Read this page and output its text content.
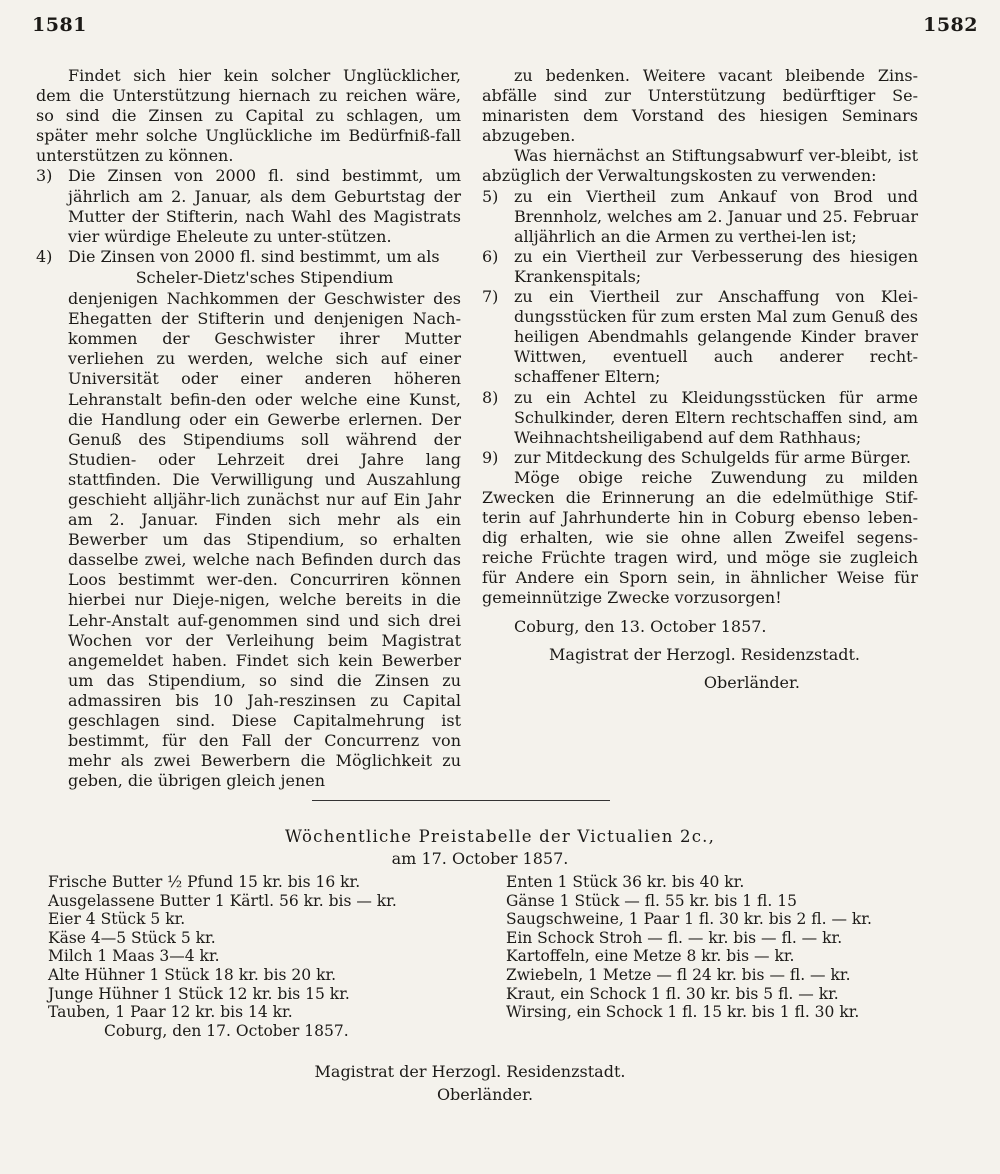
1581	1582

Findet sich hier kein solcher Unglücklicher, dem die Unterstützung hiernach zu reichen wäre, so sind die Zinsen zu Capital zu schlagen, um später mehr solche Unglückliche im Bedürfniß-fall unterstützen zu können.

3) Die Zinsen von 2000 fl. sind bestimmt, um jährlich am 2. Januar, als dem Geburtstag der Mutter der Stifterin, nach Wahl des Magistrats vier würdige Eheleute zu unter-stützen.
4) Die Zinsen von 2000 fl. sind bestimmt, um als
Scheler-Dietz'sches Stipendium
denjenigen Nachkommen der Geschwister des Ehegatten der Stifterin und denjenigen Nach-kommen der Geschwister ihrer Mutter verliehen zu werden, welche sich auf einer Universität oder einer anderen höheren Lehranstalt befin-den oder welche eine Kunst, die Handlung oder ein Gewerbe erlernen. Der Genuß des Stipendiums soll während der Studien- oder Lehrzeit drei Jahre lang stattfinden. Die Verwilligung und Auszahlung geschieht alljähr-lich zunächst nur auf Ein Jahr am 2. Januar. Finden sich mehr als ein Bewerber um das Stipendium, so erhalten dasselbe zwei, welche nach Befinden durch das Loos bestimmt wer-den. Concurriren können hierbei nur Dieje-nigen, welche bereits in die Lehr-Anstalt auf-genommen sind und sich drei Wochen vor der Verleihung beim Magistrat angemeldet haben. Findet sich kein Bewerber um das Stipendium, so sind die Zinsen zu admassiren bis 10 Jah-reszinsen zu Capital geschlagen sind. Diese Capitalmehrung ist bestimmt, für den Fall der Concurrenz von mehr als zwei Bewerbern die Möglichkeit zu geben, die übrigen gleich jenen

zu bedenken. Weitere vacant bleibende Zins-abfälle sind zur Unterstützung bedürftiger Se-minaristen dem Vorstand des hiesigen Seminars abzugeben.

Was hiernächst an Stiftungsabwurf ver-bleibt, ist abzüglich der Verwaltungskosten zu verwenden:

5) zu ein Viertheil zum Ankauf von Brod und Brennholz, welches am 2. Januar und 25. Februar alljährlich an die Armen zu verthei-len ist;
6) zu ein Viertheil zur Verbesserung des hiesigen Krankenspitals;
7) zu ein Viertheil zur Anschaffung von Klei-dungsstücken für zum ersten Mal zum Genuß des heiligen Abendmahls gelangende Kinder braver Wittwen, eventuell auch anderer recht-schaffener Eltern;
8) zu ein Achtel zu Kleidungsstücken für arme Schulkinder, deren Eltern rechtschaffen sind, am Weihnachtsheiligabend auf dem Rathhaus;
9) zur Mitdeckung des Schulgelds für arme Bürger.

Möge obige reiche Zuwendung zu milden Zwecken die Erinnerung an die edelmüthige Stif-terin auf Jahrhunderte hin in Coburg ebenso leben-dig erhalten, wie sie ohne allen Zweifel segens-reiche Früchte tragen wird, und möge sie zugleich für Andere ein Sporn sein, in ähnlicher Weise für gemeinnützige Zwecke vorzusorgen!

Coburg, den 13. October 1857.

Magistrat der Herzogl. Residenzstadt.

Oberländer.

Wöchentliche Preistabelle der Victualien 2c.,
am 17. October 1857.
Frische Butter ½ Pfund 15 kr. bis 16 kr.
Ausgelassene Butter 1 Kärtl. 56 kr. bis — kr.
Eier 4 Stück 5 kr.
Käse 4—5 Stück 5 kr.
Milch 1 Maas 3—4 kr.
Alte Hühner 1 Stück 18 kr. bis 20 kr.
Junge Hühner 1 Stück 12 kr. bis 15 kr.
Tauben, 1 Paar 12 kr. bis 14 kr.
Coburg, den 17. October 1857.
Enten 1 Stück 36 kr. bis 40 kr.
Gänse 1 Stück — fl. 55 kr. bis 1 fl. 15
Saugschweine, 1 Paar 1 fl. 30 kr. bis 2 fl. — kr.
Ein Schock Stroh — fl. — kr. bis — fl. — kr.
Kartoffeln, eine Metze 8 kr. bis — kr.
Zwiebeln, 1 Metze — fl 24 kr. bis — fl. — kr.
Kraut, ein Schock 1 fl. 30 kr. bis 5 fl. — kr.
Wirsing, ein Schock 1 fl. 15 kr. bis 1 fl. 30 kr.
Magistrat der Herzogl. Residenzstadt.
Oberländer.
